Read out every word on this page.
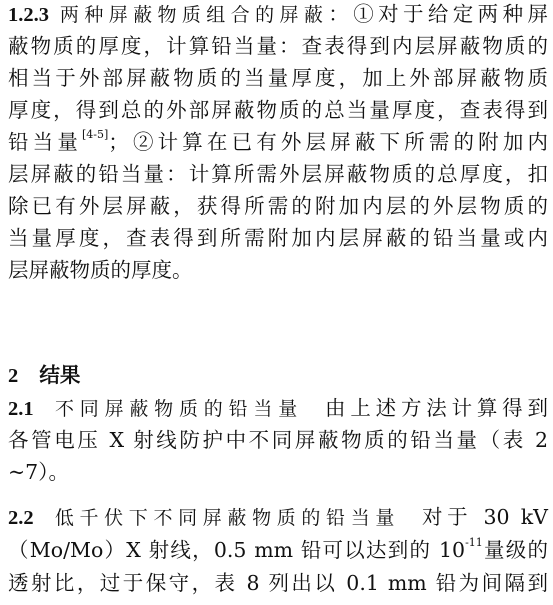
1.2.3 两种屏蔽物质组合的屏蔽：①对于给定两种屏
蔽物质的厚度，计算铅当量：查表得到内层屏蔽物质的
相当于外部屏蔽物质的当量厚度，加上外部屏蔽物质
厚度，得到总的外部屏蔽物质的总当量厚度，查表得到
铅当量[4-5]；②计算在已有外层屏蔽下所需的附加内
层屏蔽的铅当量：计算所需外层屏蔽物质的总厚度，扣
除已有外层屏蔽，获得所需的附加内层的外层物质的
当量厚度，查表得到所需附加内层屏蔽的铅当量或内
层屏蔽物质的厚度。
2 结果
2.1 不同屏蔽物质的铅当量 由上述方法计算得到
各管电压 X 射线防护中不同屏蔽物质的铅当量（表 2
~7）。
2.2 低千伏下不同屏蔽物质的铅当量 对于 30 kV
（Mo/Mo）X 射线，0.5 mm 铅可以达到的 $10^{-11}$量级的
透射比，过于保守，表 8 列出以 0.1 mm 铅为间隔到
